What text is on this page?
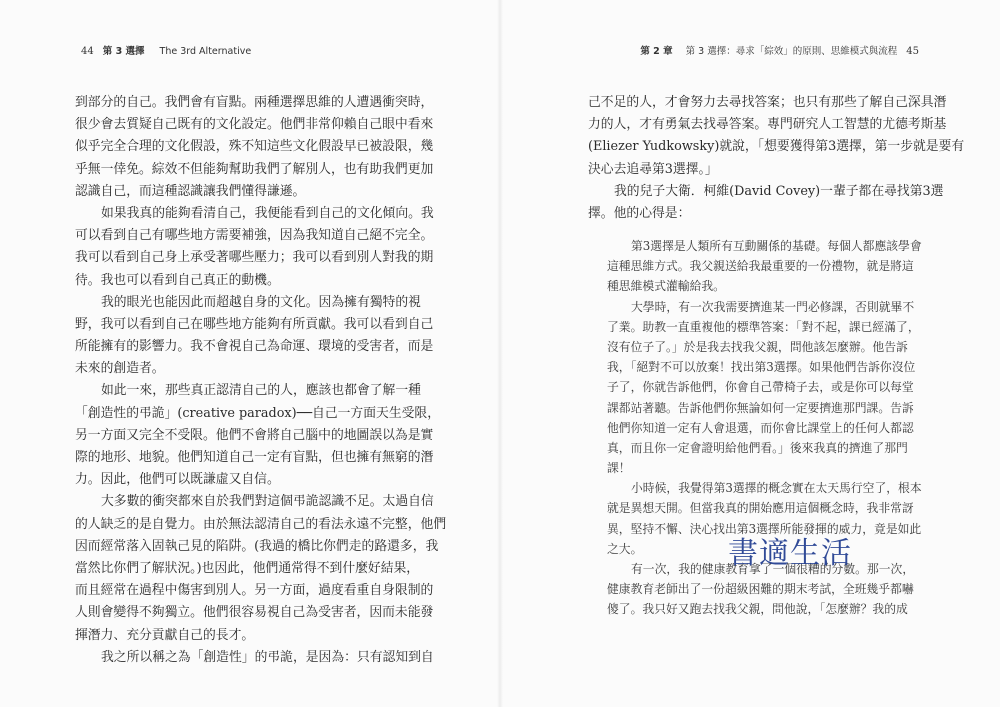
44 第 3 選擇 The 3rd Alternative
到部分的自己。我們會有盲點。兩種選擇思維的人遭遇衝突時，
很少會去質疑自己既有的文化設定。他們非常仰賴自己眼中看來
似乎完全合理的文化假設，殊不知這些文化假設早已被設限，幾
乎無一倖免。綜效不但能夠幫助我們了解別人，也有助我們更加
認識自己，而這種認識讓我們懂得謙遜。
如果我真的能夠看清自己，我便能看到自己的文化傾向。我
可以看到自己有哪些地方需要補強，因為我知道自己絕不完全。
我可以看到自己身上承受著哪些壓力；我可以看到別人對我的期
待。我也可以看到自己真正的動機。
我的眼光也能因此而超越自身的文化。因為擁有獨特的視
野，我可以看到自己在哪些地方能夠有所貢獻。我可以看到自己
所能擁有的影響力。我不會視自己為命運、環境的受害者，而是
未來的創造者。
如此一來，那些真正認清自己的人，應該也都會了解一種
「創造性的弔詭」(creative paradox)──自己一方面天生受限，
另一方面又完全不受限。他們不會將自己腦中的地圖誤以為是實
際的地形、地貌。他們知道自己一定有盲點，但也擁有無窮的潛
力。因此，他們可以既謙虛又自信。
大多數的衝突都來自於我們對這個弔詭認識不足。太過自信
的人缺乏的是自覺力。由於無法認清自己的看法永遠不完整，他們
因而經常落入固執己見的陷阱。(我過的橋比你們走的路還多，我
當然比你們了解狀況。)也因此，他們通常得不到什麼好結果，
而且經常在過程中傷害到別人。另一方面，過度看重自身限制的
人則會變得不夠獨立。他們很容易視自己為受害者，因而未能發
揮潛力、充分貢獻自己的長才。
我之所以稱之為「創造性」的弔詭，是因為：只有認知到自
第 2 章 第 3 選擇：尋求「綜效」的原則、思維模式與流程 45
己不足的人，才會努力去尋找答案；也只有那些了解自己深具潛
力的人，才有勇氣去找尋答案。專門研究人工智慧的尤德考斯基
(Eliezer Yudkowsky)就說，「想要獲得第3選擇，第一步就是要有
決心去追尋第3選擇。」
我的兒子大衛．柯維(David Covey)一輩子都在尋找第3選
擇。他的心得是：
第3選擇是人類所有互動關係的基礎。每個人都應該學會
這種思維方式。我父親送給我最重要的一份禮物，就是將這
種思維模式灌輸給我。
大學時，有一次我需要擠進某一門必修課，否則就畢不
了業。助教一直重複他的標準答案：「對不起，課已經滿了，
沒有位子了。」於是我去找我父親，問他該怎麼辦。他告訴
我，「絕對不可以放棄！找出第3選擇。如果他們告訴你沒位
子了，你就告訴他們，你會自己帶椅子去，或是你可以每堂
課都站著聽。告訴他們你無論如何一定要擠進那門課。告訴
他們你知道一定有人會退選，而你會比課堂上的任何人都認
真，而且你一定會證明給他們看。」後來我真的擠進了那門
課！
小時候，我覺得第3選擇的概念實在太天馬行空了，根本
就是異想天開。但當我真的開始應用這個概念時，我非常訝
異，堅持不懈、決心找出第3選擇所能發揮的威力，竟是如此
之大。
有一次，我的健康教育拿了一個很糟的分數。那一次，
健康教育老師出了一份超級困難的期末考試，全班幾乎都嚇
傻了。我只好又跑去找我父親，問他說，「怎麼辦？我的成
書適生活
